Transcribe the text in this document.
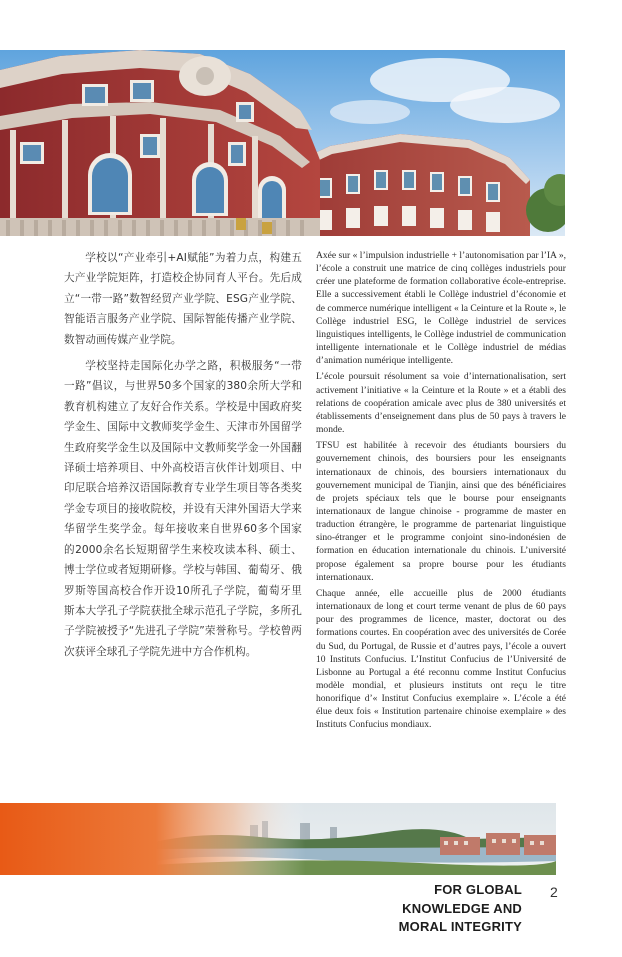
学校以“产业牵引+AI赋能”为着力点，构建五大产业学院矩阵，打造校企协同育人平台。先后成立“一带一路”数智经贸产业学院、ESG产业学院、智能语言服务产业学院、国际智能传播产业学院、数智动画传媒产业学院。

学校坚持走国际化办学之路，积极服务“一带一路”倡议，与世界50多个国家的380余所大学和教育机构建立了友好合作关系。学校是中国政府奖学金生、国际中文教师奖学金生、天津市外国留学生政府奖学金生以及国际中文教师奖学金一外国翻译硕士培养项目、中外高校语言伙伴计划项目、中印尼联合培养汉语国际教育专业学生项目等各类奖学金专项目的接收院校，并设有天津外国语大学来华留学生奖学金。每年接收来自世界60多个国家的2000余名长短期留学生来校攻读本科、硕士、博士学位或者短期研修。学校与韩国、葡萄牙、俄罗斯等国高校合作开设10所孔子学院，葡萄牙里斯本大学孔子学院获批全球示范孔子学院，多所孔子学院被授予“先进孔子学院”荣誉称号。学校曾两次获评全球孔子学院先进中方合作机构。

Axée sur « l’impulsion industrielle + l’autonomisation par l’IA », l’école a construit une matrice de cinq collèges industriels pour créer une plateforme de formation collaborative école-entreprise. Elle a successivement établi le Collège industriel d’économie et de commerce numérique intelligent « la Ceinture et la Route », le Collège industriel ESG, le Collège industriel de services linguistiques intelligents, le Collège industriel de communication intelligente internationale et le Collège industriel de médias d’animation numérique intelligente.

L’école poursuit résolument sa voie d’internationalisation, sert activement l’initiative « la Ceinture et la Route » et a établi des relations de coopération amicale avec plus de 380 universités et établissements d’enseignement dans plus de 50 pays à travers le monde.

TFSU est habilitée à recevoir des étudiants boursiers du gouvernement chinois, des boursiers pour les enseignants internationaux de chinois, des boursiers internationaux du gouvernement municipal de Tianjin, ainsi que des bénéficiaires de projets spéciaux tels que le bourse pour enseignants internationaux de langue chinoise - programme de master en traduction étrangère, le programme de partenariat linguistique sino-étranger et le programme conjoint sino-indonésien de formation en éducation internationale du chinois. L’université propose également sa propre bourse pour les étudiants internationaux.

Chaque année, elle accueille plus de 2000 étudiants internationaux de long et court terme venant de plus de 60 pays pour des programmes de licence, master, doctorat ou des formations courtes. En coopération avec des universités de Corée du Sud, du Portugal, de Russie et d’autres pays, l’école a ouvert 10 Instituts Confucius. L’Institut Confucius de l’Université de Lisbonne au Portugal a été reconnu comme Institut Confucius modèle mondial, et plusieurs instituts ont reçu le titre honorifique d’« Institut Confucius exemplaire ». L’école a été élue deux fois « Institution partenaire chinoise exemplaire » des Instituts Confucius mondiaux.

FOR GLOBAL
KNOWLEDGE AND
MORAL INTEGRITY
2
